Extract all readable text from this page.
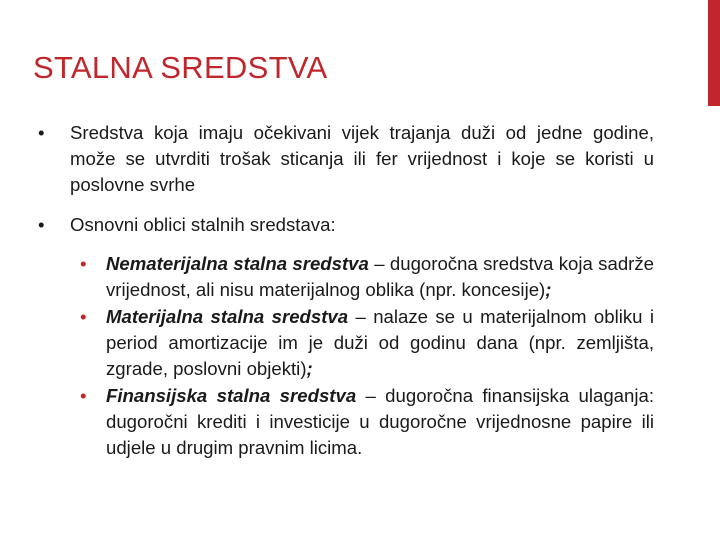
STALNA SREDSTVA

• Sredstva koja imaju očekivani vijek trajanja duži od jedne godine, može se utvrditi trošak sticanja ili fer vrijednost i koje se koristi u poslovne svrhe

• Osnovni oblici stalnih sredstava:

• Nematerijalna stalna sredstva – dugoročna sredstva koja sadrže vrijednost, ali nisu materijalnog oblika (npr. koncesije);

• Materijalna stalna sredstva – nalaze se u materijalnom obliku i period amortizacije im je duži od godinu dana (npr. zemljišta, zgrade, poslovni objekti);

• Finansijska stalna sredstva – dugoročna finansijska ulaganja: dugoročni krediti i investicije u dugoročne vrijednosne papire ili udjele u drugim pravnim licima.
